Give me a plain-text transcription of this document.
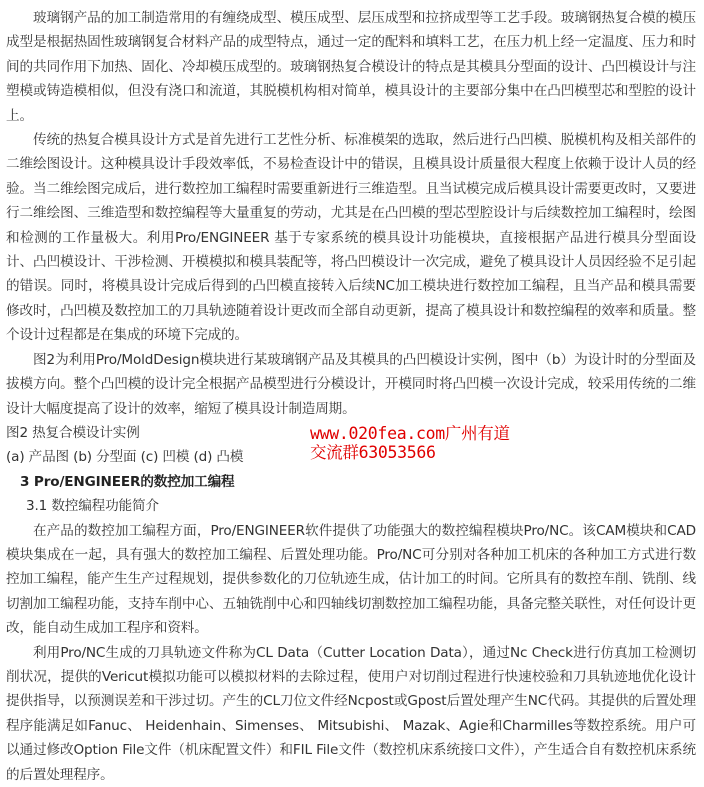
玻璃钢产品的加工制造常用的有缠绕成型、模压成型、层压成型和拉挤成型等工艺手段。玻璃钢热复合模的模压成型是根据热固性玻璃钢复合材料产品的成型特点，通过一定的配料和填料工艺，在压力机上经一定温度、压力和时间的共同作用下加热、固化、冷却模压成型的。玻璃钢热复合模设计的特点是其模具分型面的设计、凸凹模设计与注塑模或铸造模相似，但没有浇口和流道，其脱模机构相对简单，模具设计的主要部分集中在凸凹模型芯和型腔的设计上。

传统的热复合模具设计方式是首先进行工艺性分析、标准模架的选取，然后进行凸凹模、脱模机构及相关部件的二维绘图设计。这种模具设计手段效率低，不易检查设计中的错误，且模具设计质量很大程度上依赖于设计人员的经验。当二维绘图完成后，进行数控加工编程时需要重新进行三维造型。且当试模完成后模具设计需要更改时，又要进行二维绘图、三维造型和数控编程等大量重复的劳动，尤其是在凸凹模的型芯型腔设计与后续数控加工编程时，绘图和检测的工作量极大。利用Pro/ENGINEER 基于专家系统的模具设计功能模块，直接根据产品进行模具分型面设计、凸凹模设计、干涉检测、开模模拟和模具装配等，将凸凹模设计一次完成，避免了模具设计人员因经验不足引起的错误。同时，将模具设计完成后得到的凸凹模直接转入后续NC加工模块进行数控加工编程，且当产品和模具需要修改时，凸凹模及数控加工的刀具轨迹随着设计更改而全部自动更新，提高了模具设计和数控编程的效率和质量。整个设计过程都是在集成的环境下完成的。

图2为利用Pro/MoldDesign模块进行某玻璃钢产品及其模具的凸凹模设计实例，图中（b）为设计时的分型面及拔模方向。整个凸凹模的设计完全根据产品模型进行分模设计，开模同时将凸凹模一次设计完成，较采用传统的二维设计大幅度提高了设计的效率，缩短了模具设计制造周期。

图2 热复合模设计实例

(a) 产品图 (b) 分型面 (c) 凹模 (d) 凸模

3 Pro/ENGINEER的数控加工编程

3.1 数控编程功能简介

在产品的数控加工编程方面，Pro/ENGINEER软件提供了功能强大的数控编程模块Pro/NC。该CAM模块和CAD 模块集成在一起，具有强大的数控加工编程、后置处理功能。Pro/NC可分别对各种加工机床的各种加工方式进行数控加工编程，能产生生产过程规划，提供参数化的刀位轨迹生成，估计加工的时间。它所具有的数控车削、铣削、线切割加工编程功能，支持车削中心、五轴铣削中心和四轴线切割数控加工编程功能，具备完整关联性，对任何设计更改，能自动生成加工程序和资料。

利用Pro/NC生成的刀具轨迹文件称为CL Data（Cutter Location Data），通过Nc Check进行仿真加工检测切削状况，提供的Vericut模拟功能可以模拟材料的去除过程，使用户对切削过程进行快速校验和刀具轨迹地优化设计提供指导，以预测误差和干涉过切。产生的CL刀位文件经Ncpost或Gpost后置处理产生NC代码。其提供的后置处理程序能满足如Fanuc、 Heidenhain、Simenses、 Mitsubishi、 Mazak、Agie和Charmilles等数控系统。用户可以通过修改Option File文件（机床配置文件）和FIL File文件（数控机床系统接口文件），产生适合自有数控机床系统的后置处理程序。

www.020fea.com广州有道
交流群63053566
